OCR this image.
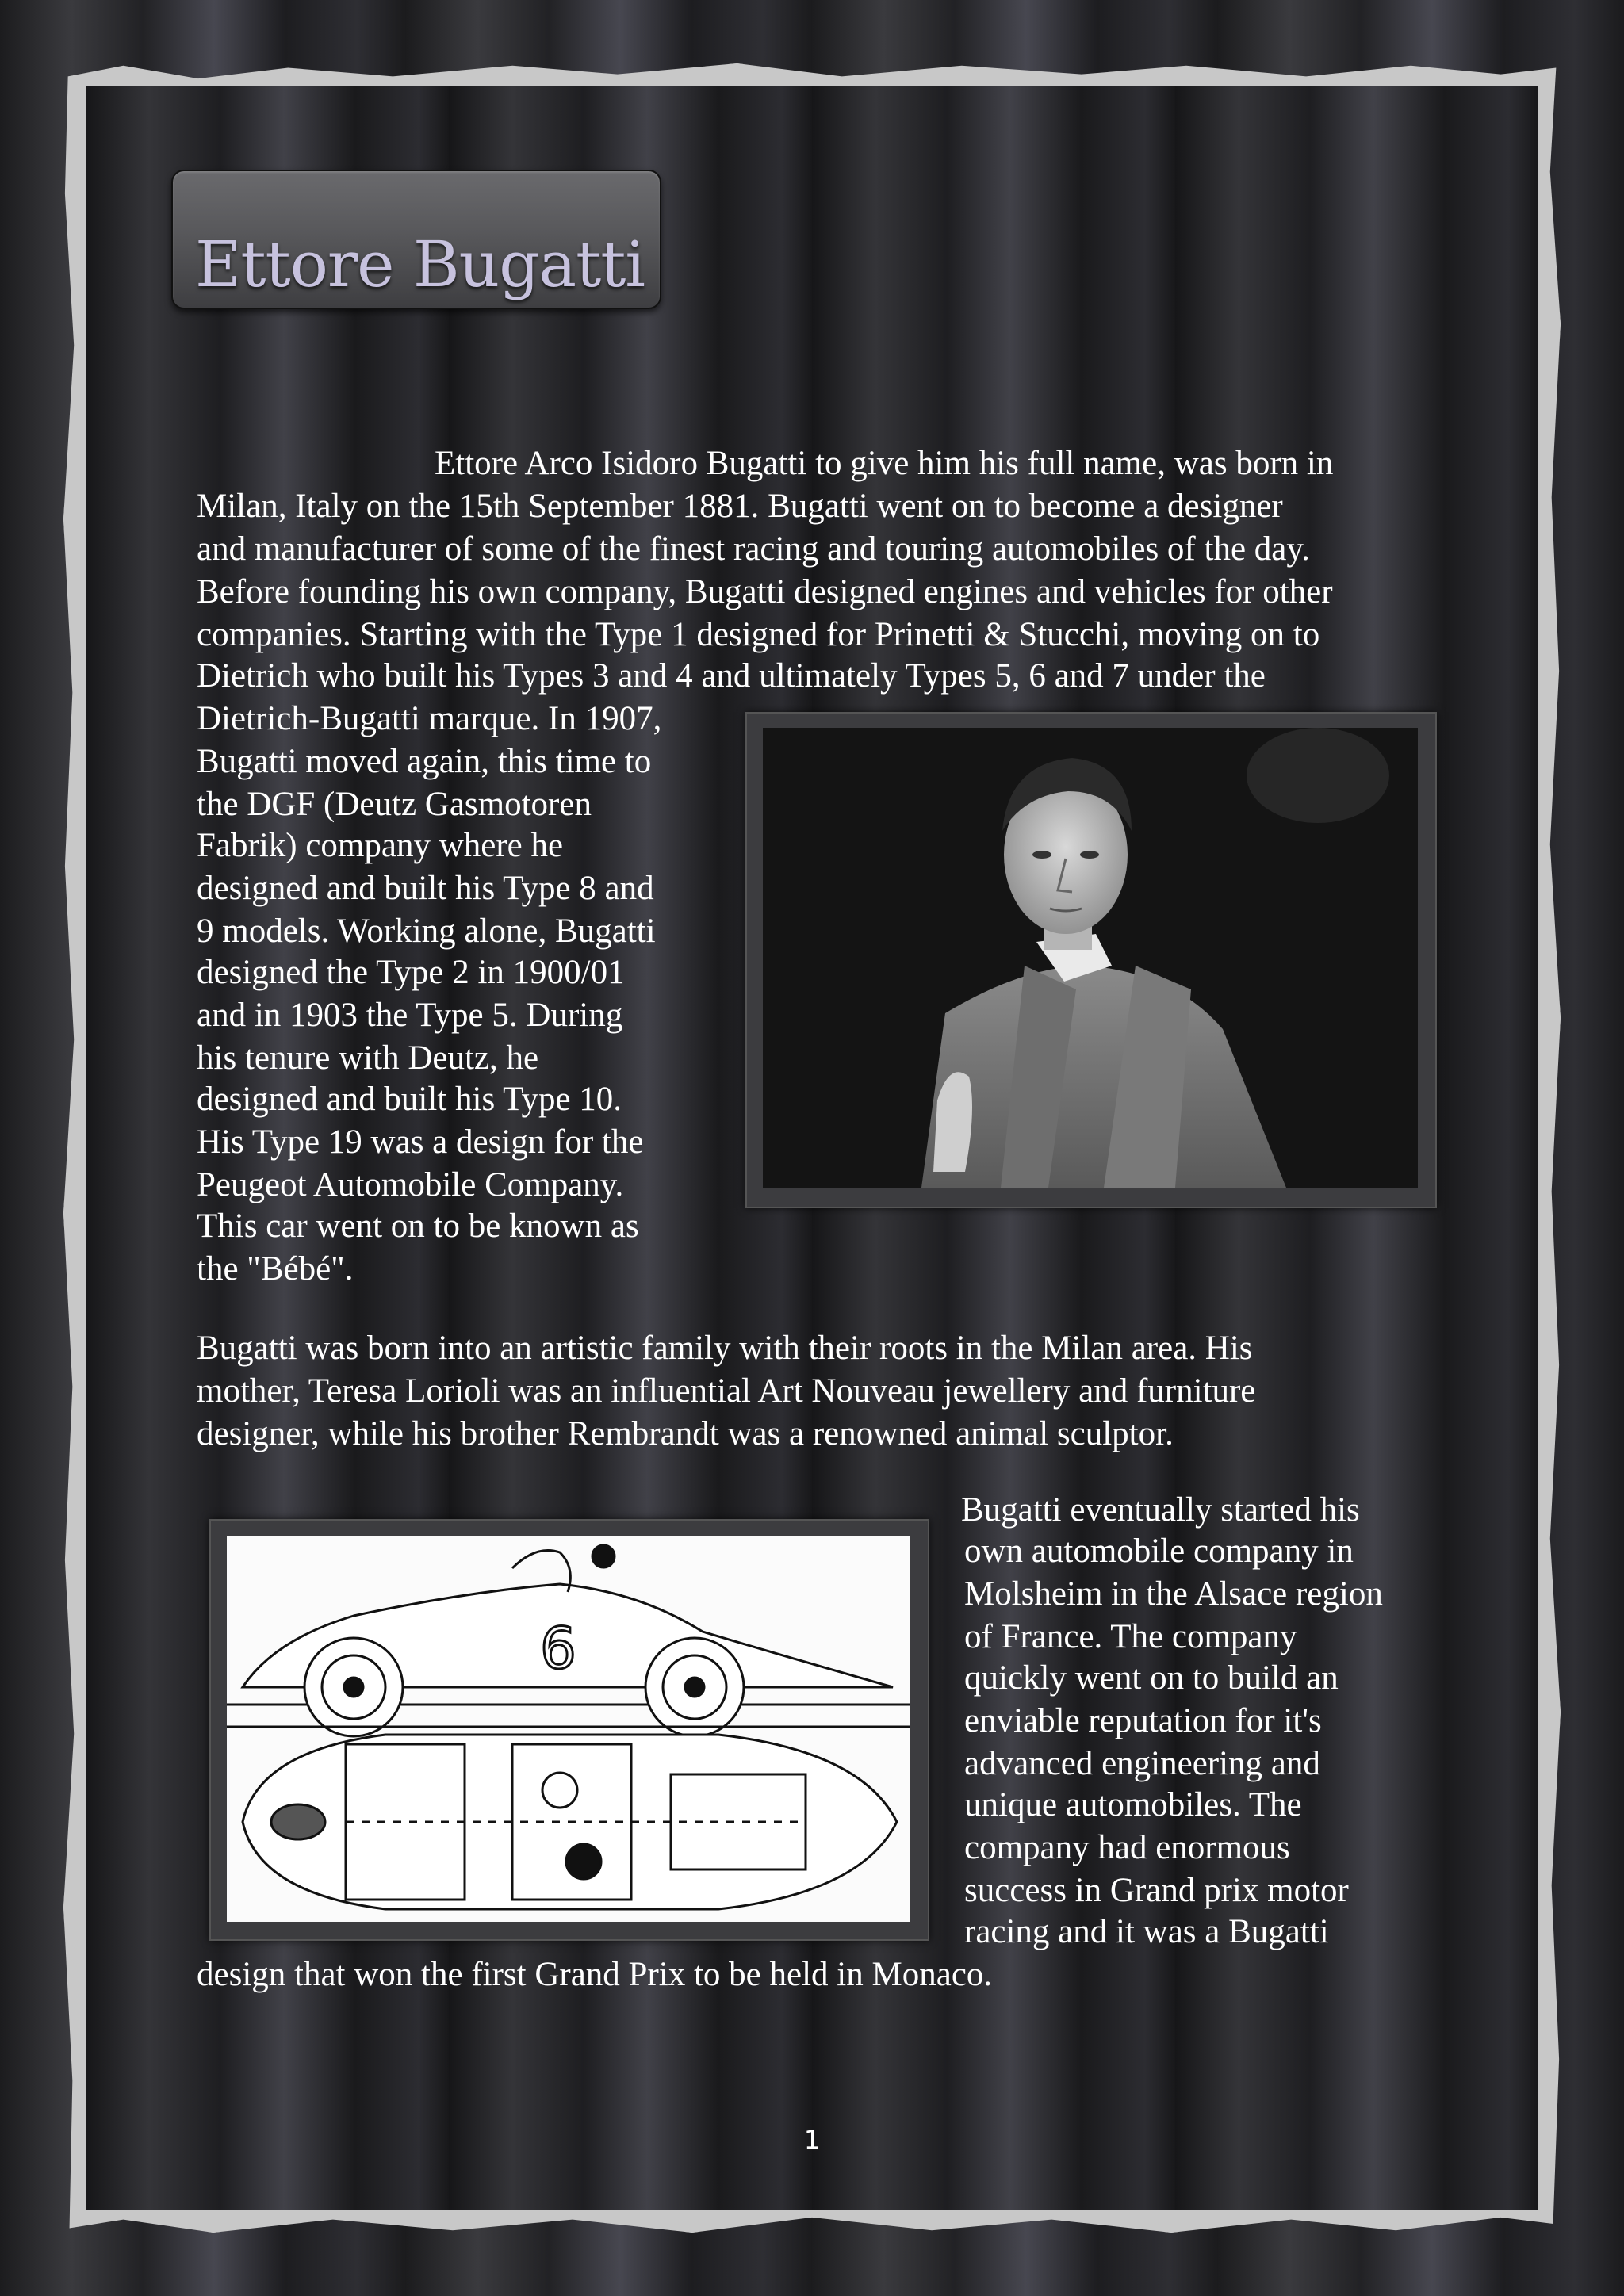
Ettore Bugatti
Ettore Arco Isidoro Bugatti to give him his full name, was born in
Milan, Italy on the 15th September 1881. Bugatti went on to become a designer
and manufacturer of some of the finest racing and touring automobiles of the day.
Before founding his own company, Bugatti designed engines and vehicles for other
companies. Starting with the Type 1 designed for Prinetti & Stucchi, moving on to
Dietrich who built his Types 3 and 4 and ultimately Types 5, 6 and 7 under the
Dietrich-Bugatti marque. In 1907,
Bugatti moved again, this time to
the DGF (Deutz Gasmotoren
Fabrik) company where he
designed and built his Type 8 and
9 models. Working alone, Bugatti
designed the Type 2 in 1900/01
and in 1903 the Type 5. During
his tenure with Deutz, he
designed and built his Type 10.
His Type 19 was a design for the
Peugeot Automobile Company.
This car went on to be known as
the "Bébé".
Bugatti was born into an artistic family with their roots in the Milan area. His
mother, Teresa Lorioli was an influential Art Nouveau jewellery and furniture
designer, while his brother Rembrandt was a renowned animal sculptor.
6
Bugatti eventually started his
own automobile company in
Molsheim in the Alsace region
of France. The company
quickly went on to build an
enviable reputation for it's
advanced engineering and
unique automobiles. The
company had enormous
success in Grand prix motor
racing and it was a Bugatti
design that won the first Grand Prix to be held in Monaco.
1
